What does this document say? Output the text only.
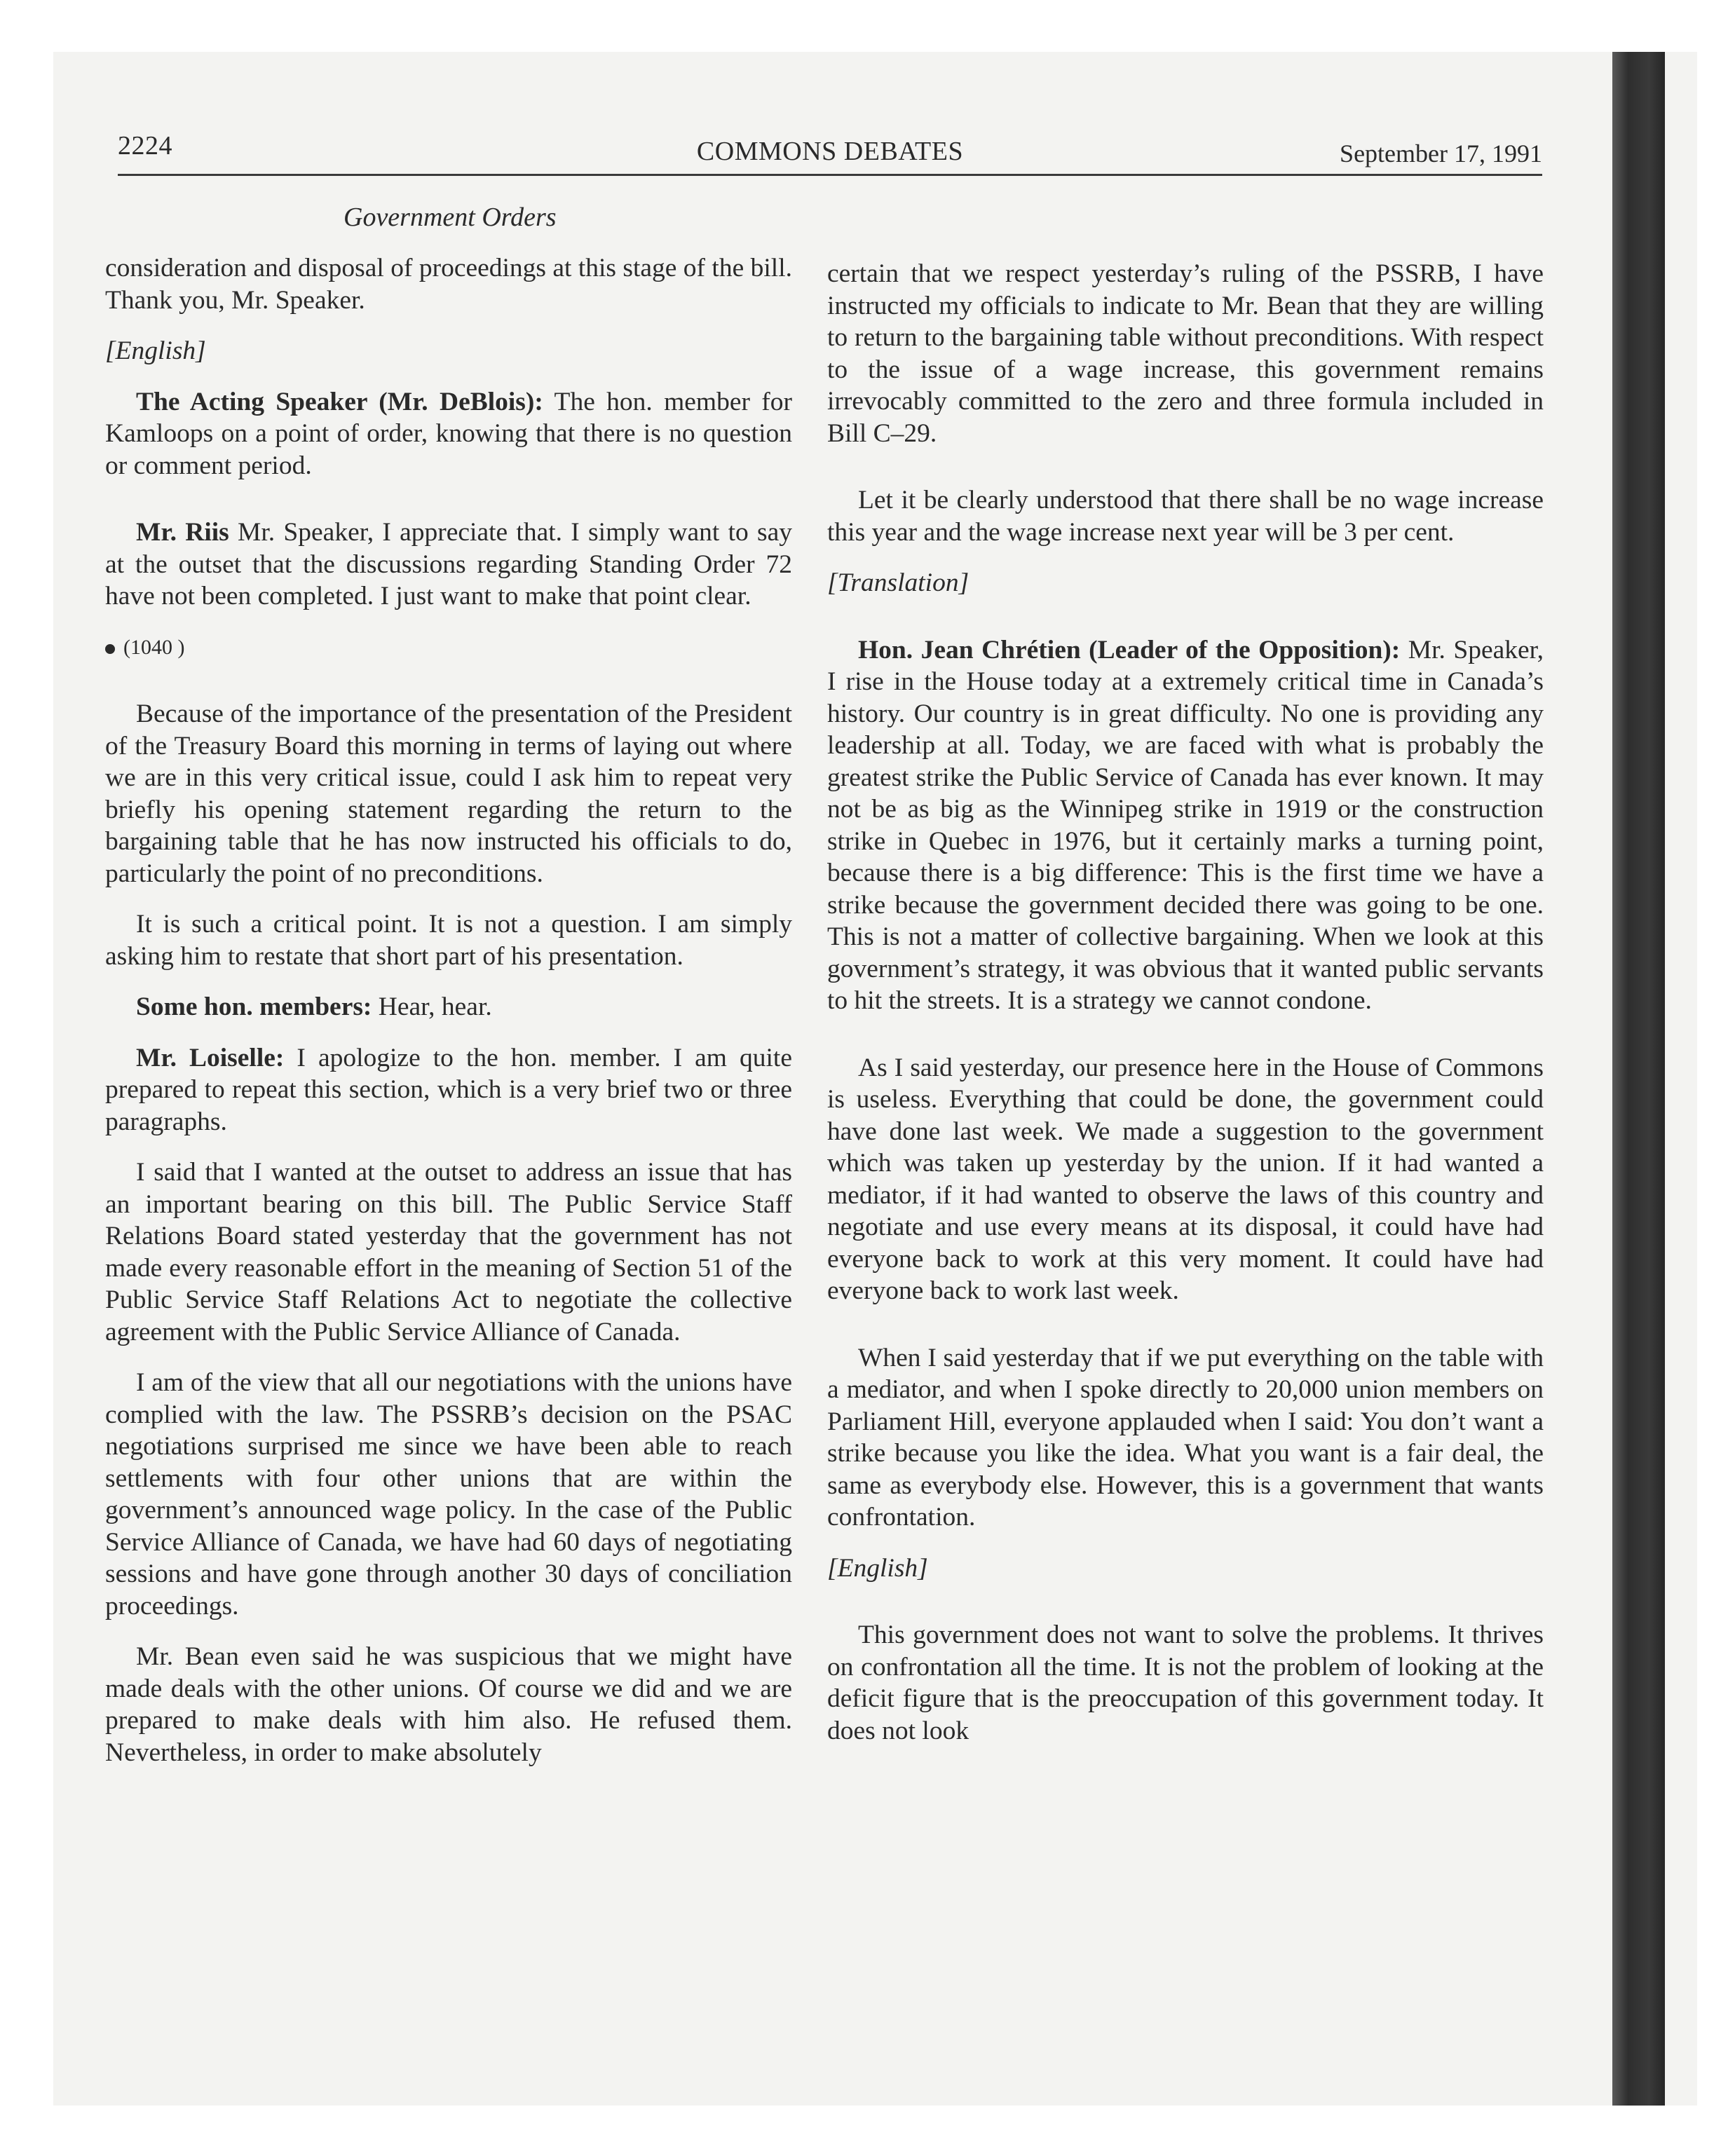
2224	COMMONS DEBATES	September 17, 1991
Government Orders

consideration and disposal of proceedings at this stage of the bill. Thank you, Mr. Speaker.

[English]

The Acting Speaker (Mr. DeBlois): The hon. member for Kamloops on a point of order, knowing that there is no question or comment period.

Mr. Riis Mr. Speaker, I appreciate that. I simply want to say at the outset that the discussions regarding Standing Order 72 have not been completed. I just want to make that point clear.

(1040 )

Because of the importance of the presentation of the President of the Treasury Board this morning in terms of laying out where we are in this very critical issue, could I ask him to repeat very briefly his opening statement regarding the return to the bargaining table that he has now instructed his officials to do, particularly the point of no preconditions.

It is such a critical point. It is not a question. I am simply asking him to restate that short part of his presentation.

Some hon. members: Hear, hear.

Mr. Loiselle: I apologize to the hon. member. I am quite prepared to repeat this section, which is a very brief two or three paragraphs.

I said that I wanted at the outset to address an issue that has an important bearing on this bill. The Public Service Staff Relations Board stated yesterday that the government has not made every reasonable effort in the meaning of Section 51 of the Public Service Staff Relations Act to negotiate the collective agreement with the Public Service Alliance of Canada.

I am of the view that all our negotiations with the unions have complied with the law. The PSSRB’s decision on the PSAC negotiations surprised me since we have been able to reach settlements with four other unions that are within the government’s announced wage policy. In the case of the Public Service Alliance of Canada, we have had 60 days of negotiating sessions and have gone through another 30 days of conciliation proceedings.

Mr. Bean even said he was suspicious that we might have made deals with the other unions. Of course we did and we are prepared to make deals with him also. He refused them. Nevertheless, in order to make absolutely

certain that we respect yesterday’s ruling of the PSSRB, I have instructed my officials to indicate to Mr. Bean that they are willing to return to the bargaining table without preconditions. With respect to the issue of a wage increase, this government remains irrevocably committed to the zero and three formula included in Bill C–29.

Let it be clearly understood that there shall be no wage increase this year and the wage increase next year will be 3 per cent.

[Translation]

Hon. Jean Chrétien (Leader of the Opposition): Mr. Speaker, I rise in the House today at a extremely critical time in Canada’s history. Our country is in great difficulty. No one is providing any leadership at all. Today, we are faced with what is probably the greatest strike the Public Service of Canada has ever known. It may not be as big as the Winnipeg strike in 1919 or the construction strike in Quebec in 1976, but it certainly marks a turning point, because there is a big difference: This is the first time we have a strike because the government decided there was going to be one. This is not a matter of collective bargaining. When we look at this government’s strategy, it was obvious that it wanted public servants to hit the streets. It is a strategy we cannot condone.

As I said yesterday, our presence here in the House of Commons is useless. Everything that could be done, the government could have done last week. We made a suggestion to the government which was taken up yesterday by the union. If it had wanted a mediator, if it had wanted to observe the laws of this country and negotiate and use every means at its disposal, it could have had everyone back to work at this very moment. It could have had everyone back to work last week.

When I said yesterday that if we put everything on the table with a mediator, and when I spoke directly to 20,000 union members on Parliament Hill, everyone applauded when I said: You don’t want a strike because you like the idea. What you want is a fair deal, the same as everybody else. However, this is a government that wants confrontation.

[English]

This government does not want to solve the problems. It thrives on confrontation all the time. It is not the problem of looking at the deficit figure that is the preoccupation of this government today. It does not look
